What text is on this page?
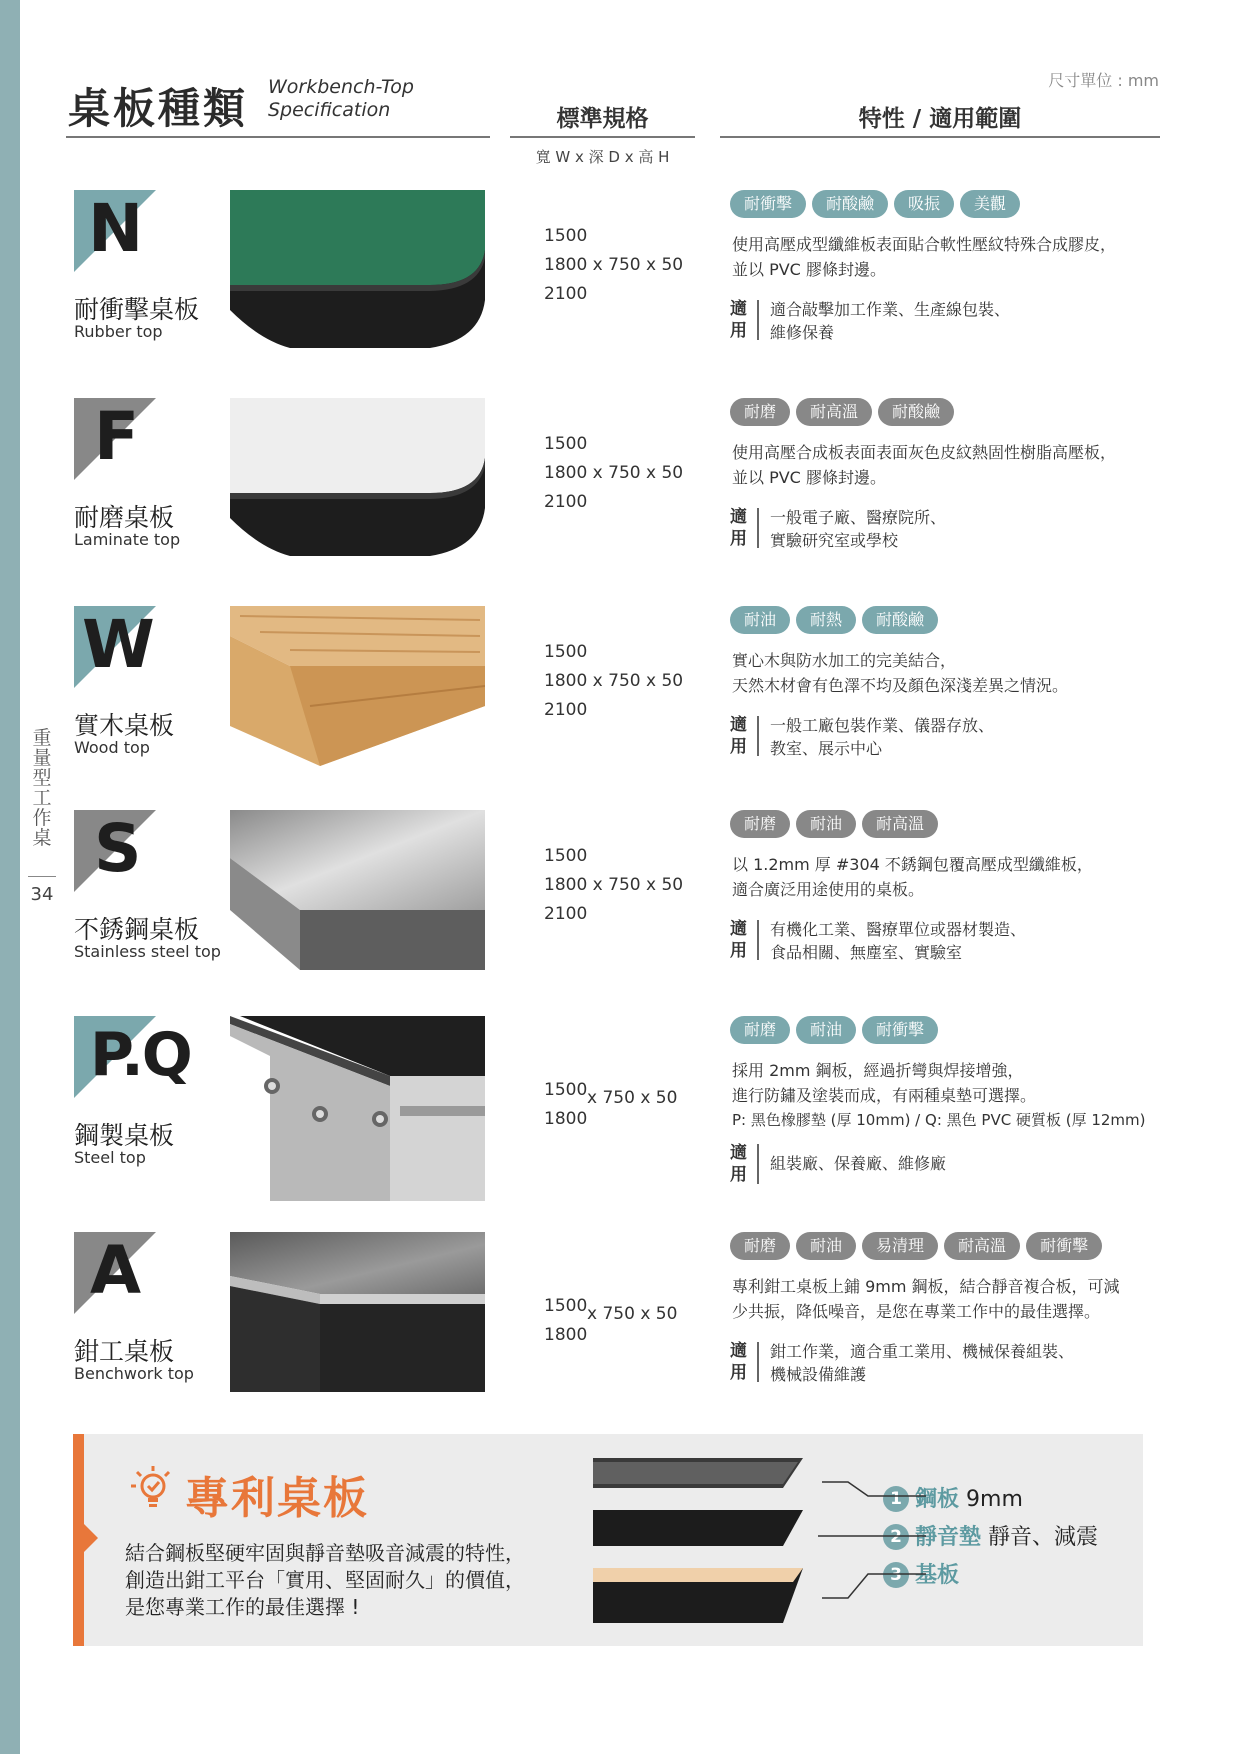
重
量
型
工
作
桌
34
尺寸單位 : mm
桌板種類 Workbench-Top
Specification	標準規格	特性 / 適用範圍
寬 W x 深 D x 高 H
N
耐衝擊桌板
Rubber top
1500
1800 x 750 x 50
2100
耐衝擊 耐酸鹼 吸振 美觀
使用高壓成型纖維板表面貼合軟性壓紋特殊合成膠皮，
並以 PVC 膠條封邊。
適
用
適合敲擊加工作業、生產線包裝、
維修保養
F
耐磨桌板
Laminate top
1500
1800 x 750 x 50
2100
耐磨 耐高溫 耐酸鹼
使用高壓合成板表面表面灰色皮紋熱固性樹脂高壓板，
並以 PVC 膠條封邊。
適
用
一般電子廠、醫療院所、
實驗研究室或學校
W
實木桌板
Wood top
1500
1800 x 750 x 50
2100
耐油 耐熱 耐酸鹼
實心木與防水加工的完美結合，
天然木材會有色澤不均及顏色深淺差異之情況。
適
用
一般工廠包裝作業、儀器存放、
教室、展示中心
S
不銹鋼桌板
Stainless steel top
1500
1800 x 750 x 50
2100
耐磨 耐油 耐高溫
以 1.2mm 厚 #304 不銹鋼包覆高壓成型纖維板，
適合廣泛用途使用的桌板。
適
用
有機化工業、醫療單位或器材製造、
食品相關、無塵室、實驗室
P.Q
鋼製桌板
Steel top
1500
1800
x 750 x 50
耐磨 耐油 耐衝擊
採用 2mm 鋼板，經過折彎與焊接增強，
進行防鏽及塗裝而成，有兩種桌墊可選擇。
P: 黑色橡膠墊 (厚 10mm) / Q: 黑色 PVC 硬質板 (厚 12mm)
適
用
組裝廠、保養廠、維修廠
A
鉗工桌板
Benchwork top
1500
1800
x 750 x 50
耐磨 耐油 易清理 耐高溫 耐衝擊
專利鉗工桌板上鋪 9mm 鋼板，結合靜音複合板，可減
少共振，降低噪音，是您在專業工作中的最佳選擇。
適
用
鉗工作業，適合重工業用、機械保養組裝、
機械設備維護
專利桌板
結合鋼板堅硬牢固與靜音墊吸音減震的特性，
創造出鉗工平台「實用、堅固耐久」的價值，
是您專業工作的最佳選擇 !
1 鋼板 9mm
2 靜音墊 靜音、減震
3 基板
